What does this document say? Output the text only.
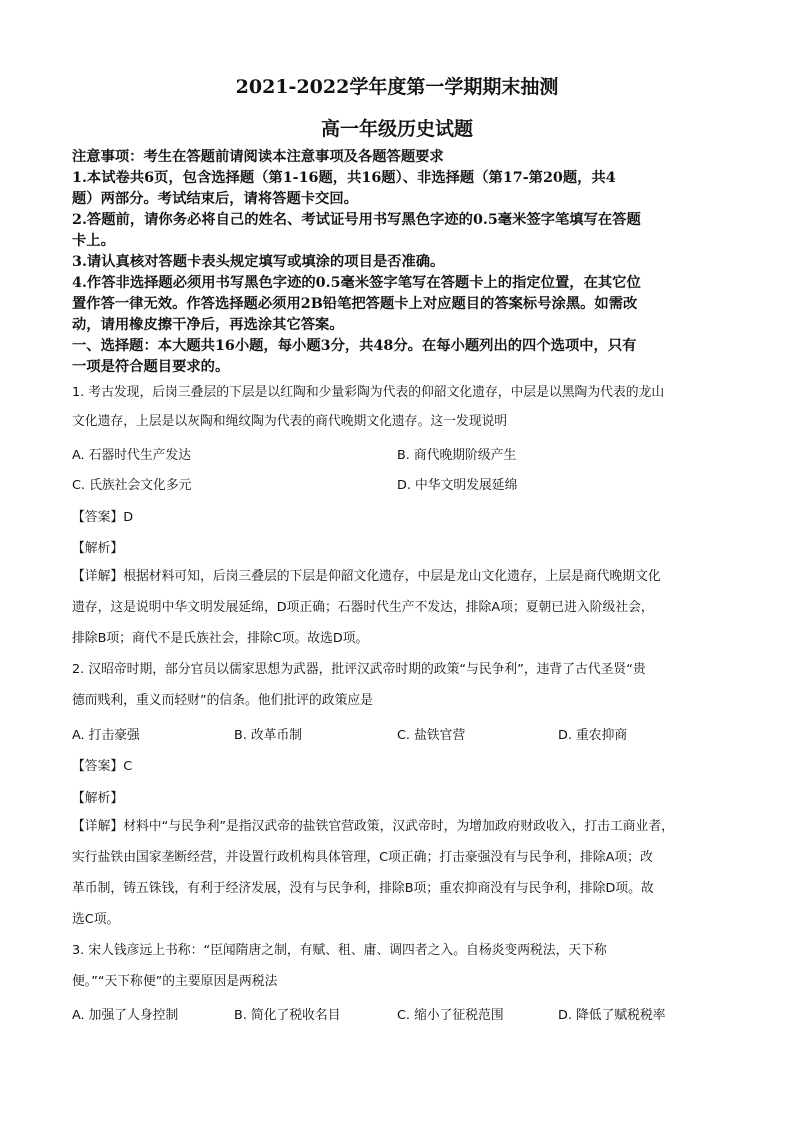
2021-2022学年度第一学期期末抽测
高一年级历史试题
注意事项：考生在答题前请阅读本注意事项及各题答题要求
1.本试卷共6页，包含选择题（第1-16题，共16题）、非选择题（第17-第20题，共4
题）两部分。考试结束后，请将答题卡交回。
2.答题前，请你务必将自己的姓名、考试证号用书写黑色字迹的0.5毫米签字笔填写在答题
卡上。
3.请认真核对答题卡表头规定填写或填涂的项目是否准确。
4.作答非选择题必须用书写黑色字迹的0.5毫米签字笔写在答题卡上的指定位置，在其它位
置作答一律无效。作答选择题必须用2B铅笔把答题卡上对应题目的答案标号涂黑。如需改
动，请用橡皮擦干净后，再选涂其它答案。
一、选择题：本大题共16小题，每小题3分，共48分。在每小题列出的四个选项中，只有
一项是符合题目要求的。
1. 考古发现，后岗三叠层的下层是以红陶和少量彩陶为代表的仰韶文化遗存，中层是以黑陶为代表的龙山
文化遗存，上层是以灰陶和绳纹陶为代表的商代晚期文化遗存。这一发现说明
A. 石器时代生产发达	B. 商代晚期阶级产生
C. 氏族社会文化多元	D. 中华文明发展延绵
【答案】D
【解析】
【详解】根据材料可知，后岗三叠层的下层是仰韶文化遗存，中层是龙山文化遗存，上层是商代晚期文化
遗存，这是说明中华文明发展延绵，D项正确；石器时代生产不发达，排除A项；夏朝已进入阶级社会，
排除B项；商代不是氏族社会，排除C项。故选D项。
2. 汉昭帝时期，部分官员以儒家思想为武器，批评汉武帝时期的政策“与民争利”，违背了古代圣贤“贵
德而贱利，重义而轻财”的信条。他们批评的政策应是
A. 打击豪强	B. 改革币制	C. 盐铁官营	D. 重农抑商
【答案】C
【解析】
【详解】材料中“与民争利”是指汉武帝的盐铁官营政策，汉武帝时，为增加政府财政收入，打击工商业者，
实行盐铁由国家垄断经营，并设置行政机构具体管理，C项正确；打击豪强没有与民争利，排除A项；改
革币制，铸五铢钱，有利于经济发展，没有与民争利，排除B项；重农抑商没有与民争利，排除D项。故
选C项。
3. 宋人钱彦远上书称：“臣闻隋唐之制，有赋、租、庸、调四者之入。自杨炎变两税法，天下称
便。”“天下称便”的主要原因是两税法
A. 加强了人身控制	B. 简化了税收名目	C. 缩小了征税范围	D. 降低了赋税税率
